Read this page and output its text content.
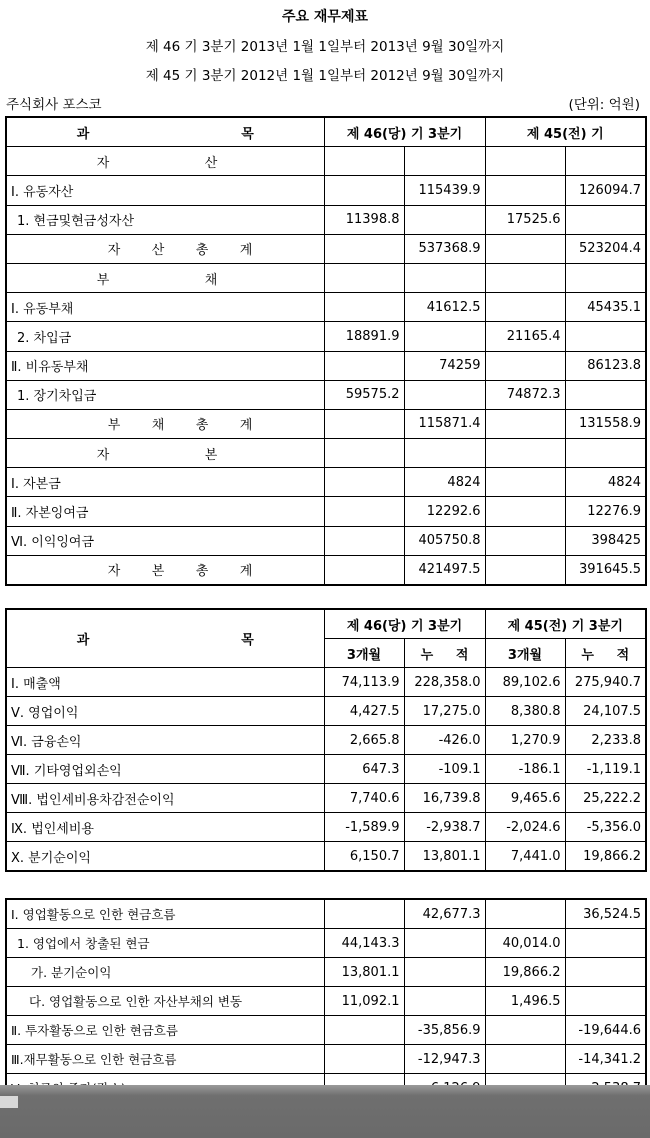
주요 재무제표
제 46 기 3분기 2013년 1월 1일부터 2013년 9월 30일까지
제 45 기 3분기 2012년 1월 1일부터 2012년 9월 30일까지
주식회사 포스코	(단위: 억원)
과 목	제 46(당) 기 3분기		제 45(전) 기	
자 산				
Ⅰ. 유동자산		115439.9		126094.7
1. 현금및현금성자산	11398.8		17525.6	
자 산 총 계		537368.9		523204.4
부 채				
Ⅰ. 유동부채		41612.5		45435.1
2. 차입금	18891.9		21165.4	
Ⅱ. 비유동부채		74259		86123.8
1. 장기차입금	59575.2		74872.3	
부 채 총 계		115871.4		131558.9
자 본				
Ⅰ. 자본금		4824		4824
Ⅱ. 자본잉여금		12292.6		12276.9
Ⅵ. 이익잉여금		405750.8		398425
자 본 총 계		421497.5		391645.5
과 목	제 46(당) 기 3분기		제 45(전) 기 3분기	
	3개월	누 적	3개월	누 적
Ⅰ. 매출액	74,113.9	228,358.0	89,102.6	275,940.7
Ⅴ. 영업이익	4,427.5	17,275.0	8,380.8	24,107.5
Ⅵ. 금융손익	2,665.8	-426.0	1,270.9	2,233.8
Ⅶ. 기타영업외손익	647.3	-109.1	-186.1	-1,119.1
Ⅷ. 법인세비용차감전순이익	7,740.6	16,739.8	9,465.6	25,222.2
Ⅸ. 법인세비용	-1,589.9	-2,938.7	-2,024.6	-5,356.0
Ⅹ. 분기순이익	6,150.7	13,801.1	7,441.0	19,866.2
Ⅰ. 영업활동으로 인한 현금흐름		42,677.3		36,524.5
1. 영업에서 창출된 현금	44,143.3		40,014.0	
가. 분기순이익	13,801.1		19,866.2	
다. 영업활동으로 인한 자산부채의 변동	11,092.1		1,496.5	
Ⅱ. 투자활동으로 인한 현금흐름		-35,856.9		-19,644.6
Ⅲ.재무활동으로 인한 현금흐름		-12,947.3		-14,341.2
